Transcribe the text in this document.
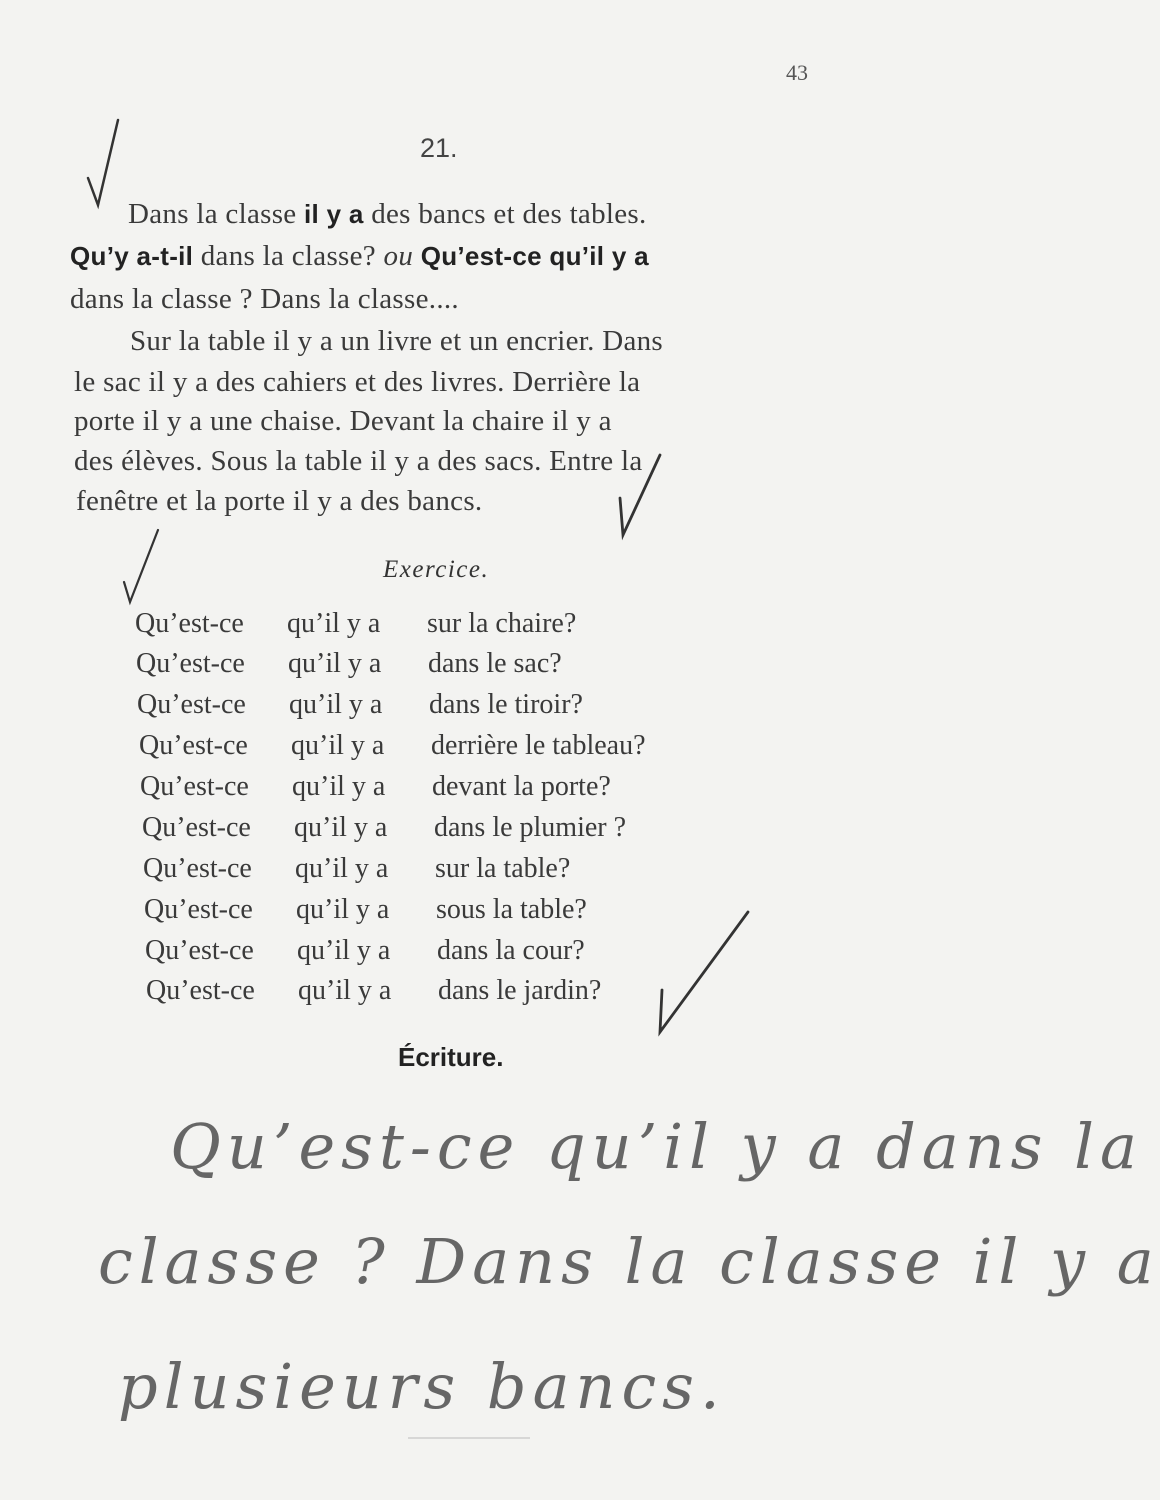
43
21.
Dans la classe il y a des bancs et des tables.
Qu’y a-t-il dans la classe? ou Qu’est-ce qu’il y a
dans la classe ? Dans la classe....
Sur la table il y a un livre et un encrier. Dans
le sac il y a des cahiers et des livres. Derrière la
porte il y a une chaise. Devant la chaire il y a
des élèves. Sous la table il y a des sacs. Entre la
fenêtre et la porte il y a des bancs.
Exercice.
Qu’est-ce qu’il y a sur la chaire?
Qu’est-ce qu’il y a dans le sac?
Qu’est-ce qu’il y a dans le tiroir?
Qu’est-ce qu’il y a derrière le tableau?
Qu’est-ce qu’il y a devant la porte?
Qu’est-ce qu’il y a dans le plumier ?
Qu’est-ce qu’il y a sur la table?
Qu’est-ce qu’il y a sous la table?
Qu’est-ce qu’il y a dans la cour?
Qu’est-ce qu’il y a dans le jardin?
Écriture.
Qu’est-ce qu’il y a dans la
classe ? Dans la classe il y a
plusieurs bancs.
